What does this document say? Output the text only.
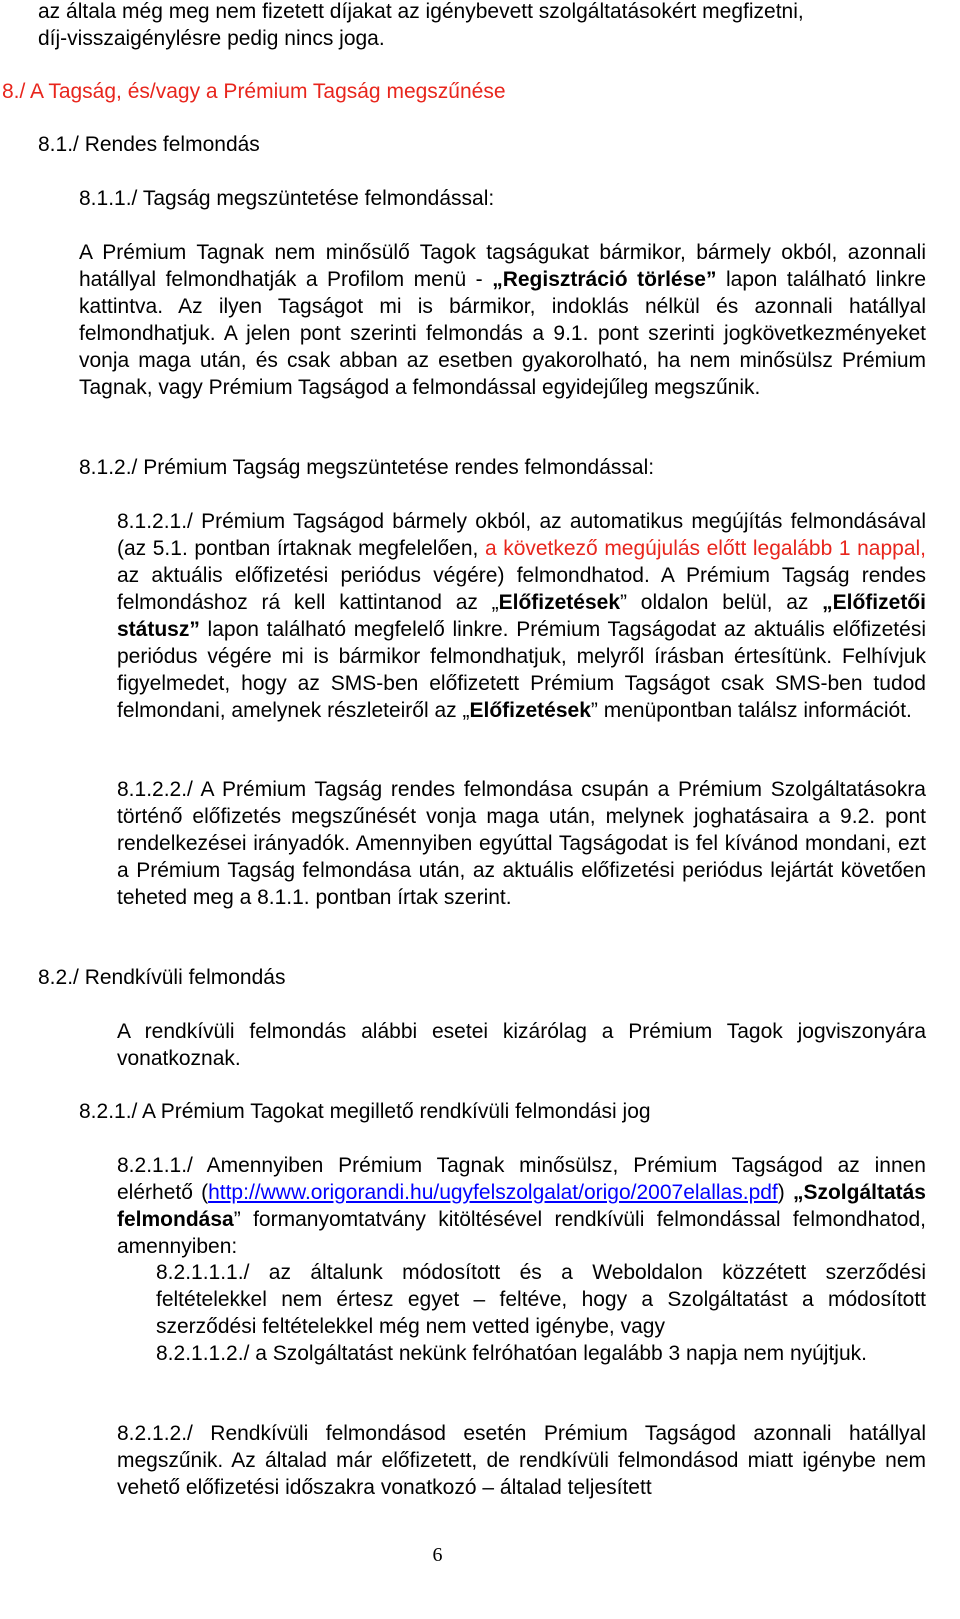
az általa még meg nem fizetett díjakat az igénybevett szolgáltatásokért megfizetni,
díj-visszaigénylésre pedig nincs joga.
8./ A Tagság, és/vagy a Prémium Tagság megszűnése
8.1./ Rendes felmondás
8.1.1./ Tagság megszüntetése felmondással:
A Prémium Tagnak nem minősülő Tagok tagságukat bármikor, bármely okból, azonnali hatállyal felmondhatják a Profilom menü - „Regisztráció törlése” lapon található linkre kattintva. Az ilyen Tagságot mi is bármikor, indoklás nélkül és azonnali hatállyal felmondhatjuk. A jelen pont szerinti felmondás a 9.1. pont szerinti jogkövetkezményeket vonja maga után, és csak abban az esetben gyakorolható, ha nem minősülsz Prémium Tagnak, vagy Prémium Tagságod a felmondással egyidejűleg megszűnik.
8.1.2./ Prémium Tagság megszüntetése rendes felmondással:
8.1.2.1./ Prémium Tagságod bármely okból, az automatikus megújítás felmondásával (az 5.1. pontban írtaknak megfelelően, a következő megújulás előtt legalább 1 nappal, az aktuális előfizetési periódus végére) felmondhatod. A Prémium Tagság rendes felmondáshoz rá kell kattintanod az „Előfizetések” oldalon belül, az „Előfizetői státusz” lapon található megfelelő linkre. Prémium Tagságodat az aktuális előfizetési periódus végére mi is bármikor felmondhatjuk, melyről írásban értesítünk. Felhívjuk figyelmedet, hogy az SMS-ben előfizetett Prémium Tagságot csak SMS-ben tudod felmondani, amelynek részleteiről az „Előfizetések” menüpontban találsz információt.
8.1.2.2./ A Prémium Tagság rendes felmondása csupán a Prémium Szolgáltatásokra történő előfizetés megszűnését vonja maga után, melynek joghatásaira a 9.2. pont rendelkezései irányadók. Amennyiben egyúttal Tagságodat is fel kívánod mondani, ezt a Prémium Tagság felmondása után, az aktuális előfizetési periódus lejártát követően teheted meg a 8.1.1. pontban írtak szerint.
8.2./ Rendkívüli felmondás
A rendkívüli felmondás alábbi esetei kizárólag a Prémium Tagok jogviszonyára vonatkoznak.
8.2.1./ A Prémium Tagokat megillető rendkívüli felmondási jog
8.2.1.1./ Amennyiben Prémium Tagnak minősülsz, Prémium Tagságod az innen elérhető (http://www.origorandi.hu/ugyfelszolgalat/origo/2007elallas.pdf) „Szolgáltatás felmondása” formanyomtatvány kitöltésével rendkívüli felmondással felmondhatod, amennyiben:
8.2.1.1.1./ az általunk módosított és a Weboldalon közzétett szerződési feltételekkel nem értesz egyet – feltéve, hogy a Szolgáltatást a módosított szerződési feltételekkel még nem vetted igénybe, vagy
8.2.1.1.2./ a Szolgáltatást nekünk felróhatóan legalább 3 napja nem nyújtjuk.
8.2.1.2./ Rendkívüli felmondásod esetén Prémium Tagságod azonnali hatállyal megszűnik. Az általad már előfizetett, de rendkívüli felmondásod miatt igénybe nem vehető előfizetési időszakra vonatkozó – általad teljesített
6
